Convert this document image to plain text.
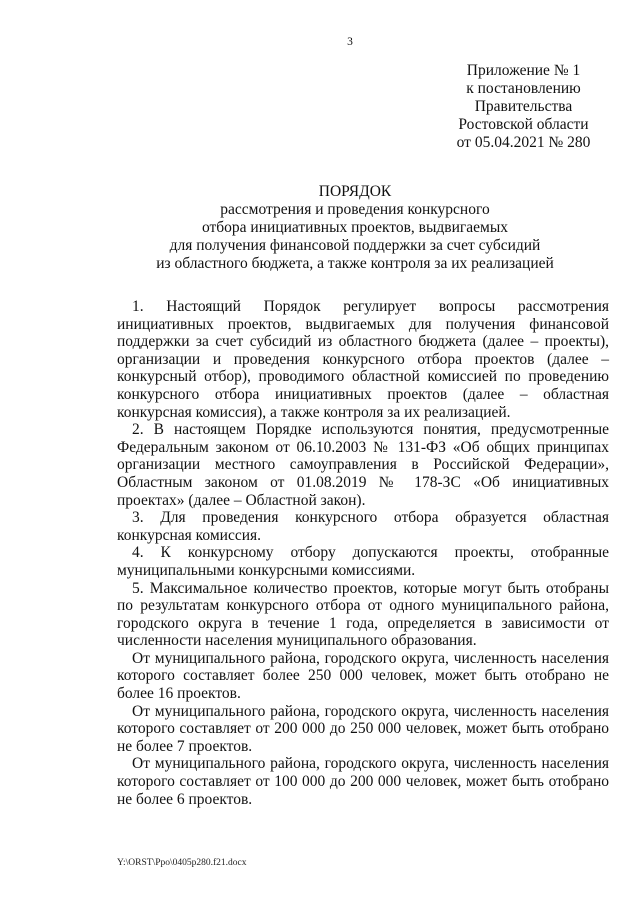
3
Приложение № 1
к постановлению
Правительства
Ростовской области
от 05.04.2021 № 280
ПОРЯДОК
рассмотрения и проведения конкурсного
отбора инициативных проектов, выдвигаемых
для получения финансовой поддержки за счет субсидий
из областного бюджета, а также контроля за их реализацией

1. Настоящий Порядок регулирует вопросы рассмотрения инициативных проектов, выдвигаемых для получения финансовой поддержки за счет субсидий из областного бюджета (далее – проекты), организации и проведения конкурсного отбора проектов (далее – конкурсный отбор), проводимого областной комиссией по проведению конкурсного отбора инициативных проектов (далее – областная конкурсная комиссия), а также контроля за их реализацией.

2. В настоящем Порядке используются понятия, предусмотренные Федеральным законом от 06.10.2003 № 131-ФЗ «Об общих принципах организации местного самоуправления в Российской Федерации», Областным законом от 01.08.2019 № 178-ЗС «Об инициативных проектах» (далее – Областной закон).

3. Для проведения конкурсного отбора образуется областная конкурсная комиссия.

4. К конкурсному отбору допускаются проекты, отобранные муниципальными конкурсными комиссиями.

5. Максимальное количество проектов, которые могут быть отобраны по результатам конкурсного отбора от одного муниципального района, городского округа в течение 1 года, определяется в зависимости от численности населения муниципального образования.

От муниципального района, городского округа, численность населения которого составляет более 250 000 человек, может быть отобрано не более 16 проектов.

От муниципального района, городского округа, численность населения которого составляет от 200 000 до 250 000 человек, может быть отобрано не более 7 проектов.

От муниципального района, городского округа, численность населения которого составляет от 100 000 до 200 000 человек, может быть отобрано не более 6 проектов.

Y:\ORST\Ppo\0405p280.f21.docx
